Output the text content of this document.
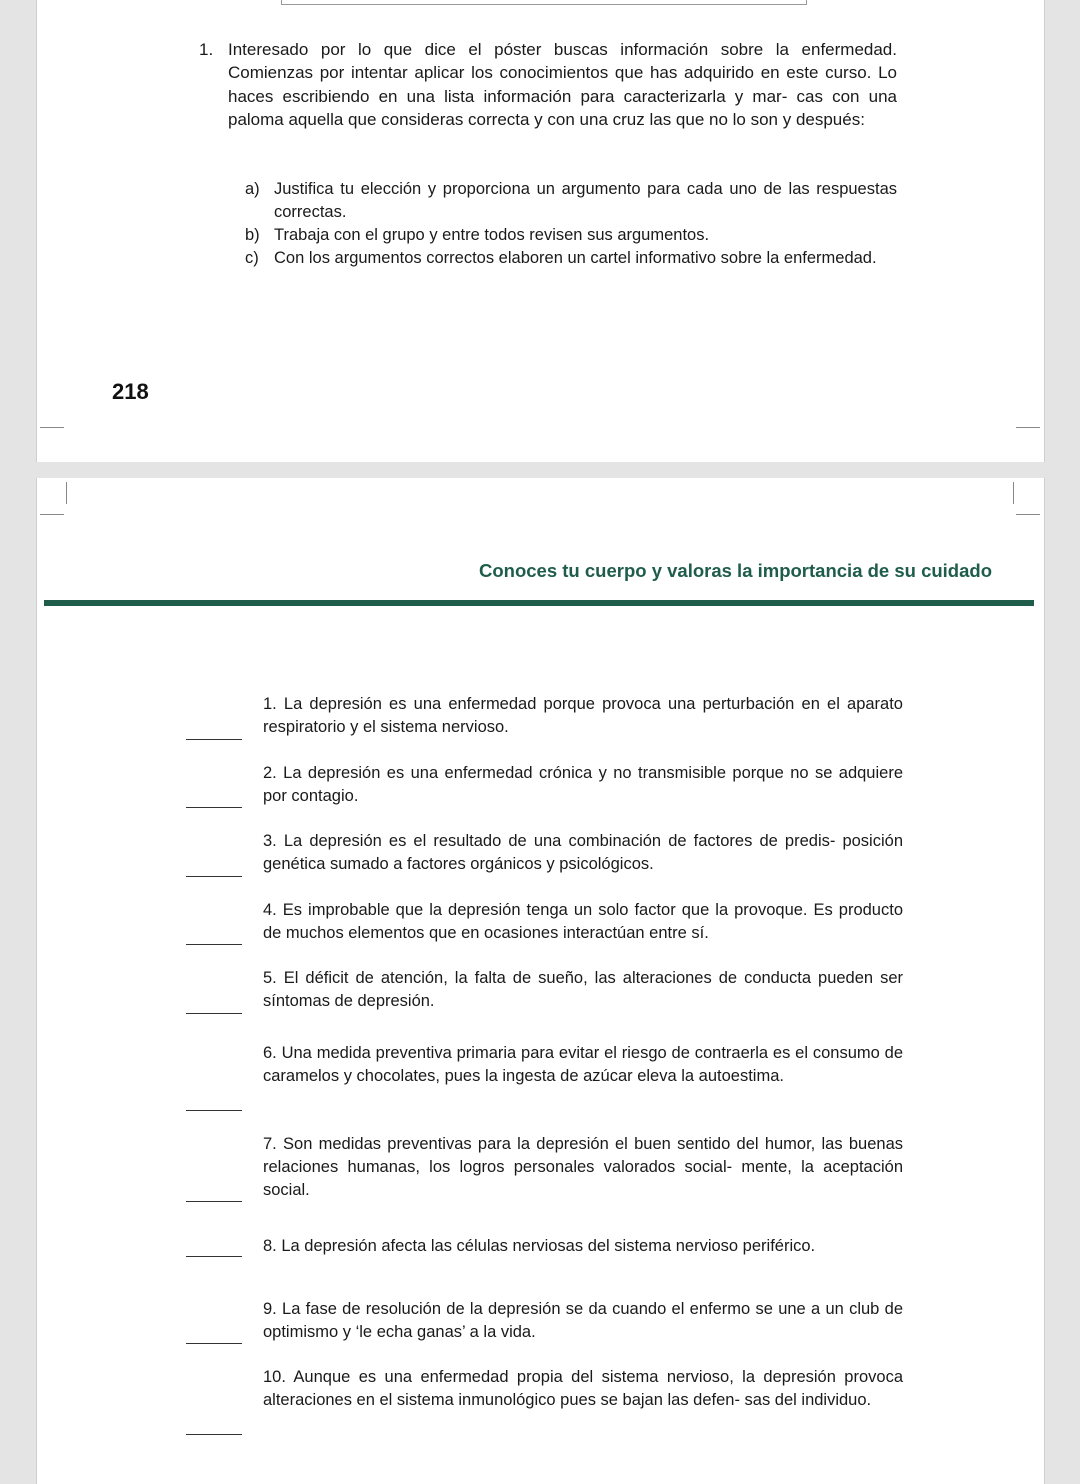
1. Interesado por lo que dice el póster buscas información sobre la enfermedad. Comienzas por intentar aplicar los conocimientos que has adquirido en este curso. Lo haces escribiendo en una lista información para caracterizarla y mar- cas con una paloma aquella que consideras correcta y con una cruz las que no lo son y después:
a) Justifica tu elección y proporciona un argumento para cada uno de las respuestas correctas.
b) Trabaja con el grupo y entre todos revisen sus argumentos.
c) Con los argumentos correctos elaboren un cartel informativo sobre la enfermedad.
218
Conoces tu cuerpo y valoras la importancia de su cuidado
1. La depresión es una enfermedad porque provoca una perturbación en el aparato respiratorio y el sistema nervioso.
2. La depresión es una enfermedad crónica y no transmisible porque no se adquiere por contagio.
3. La depresión es el resultado de una combinación de factores de predis- posición genética sumado a factores orgánicos y psicológicos.
4. Es improbable que la depresión tenga un solo factor que la provoque. Es producto de muchos elementos que en ocasiones interactúan entre sí.
5. El déficit de atención, la falta de sueño, las alteraciones de conducta pueden ser síntomas de depresión.
6. Una medida preventiva primaria para evitar el riesgo de contraerla es el consumo de caramelos y chocolates, pues la ingesta de azúcar eleva la autoestima.
7. Son medidas preventivas para la depresión el buen sentido del humor, las buenas relaciones humanas, los logros personales valorados social- mente, la aceptación social.
8. La depresión afecta las células nerviosas del sistema nervioso periférico.
9. La fase de resolución de la depresión se da cuando el enfermo se une a un club de optimismo y ‘le echa ganas’ a la vida.
10. Aunque es una enfermedad propia del sistema nervioso, la depresión provoca alteraciones en el sistema inmunológico pues se bajan las defen- sas del individuo.
